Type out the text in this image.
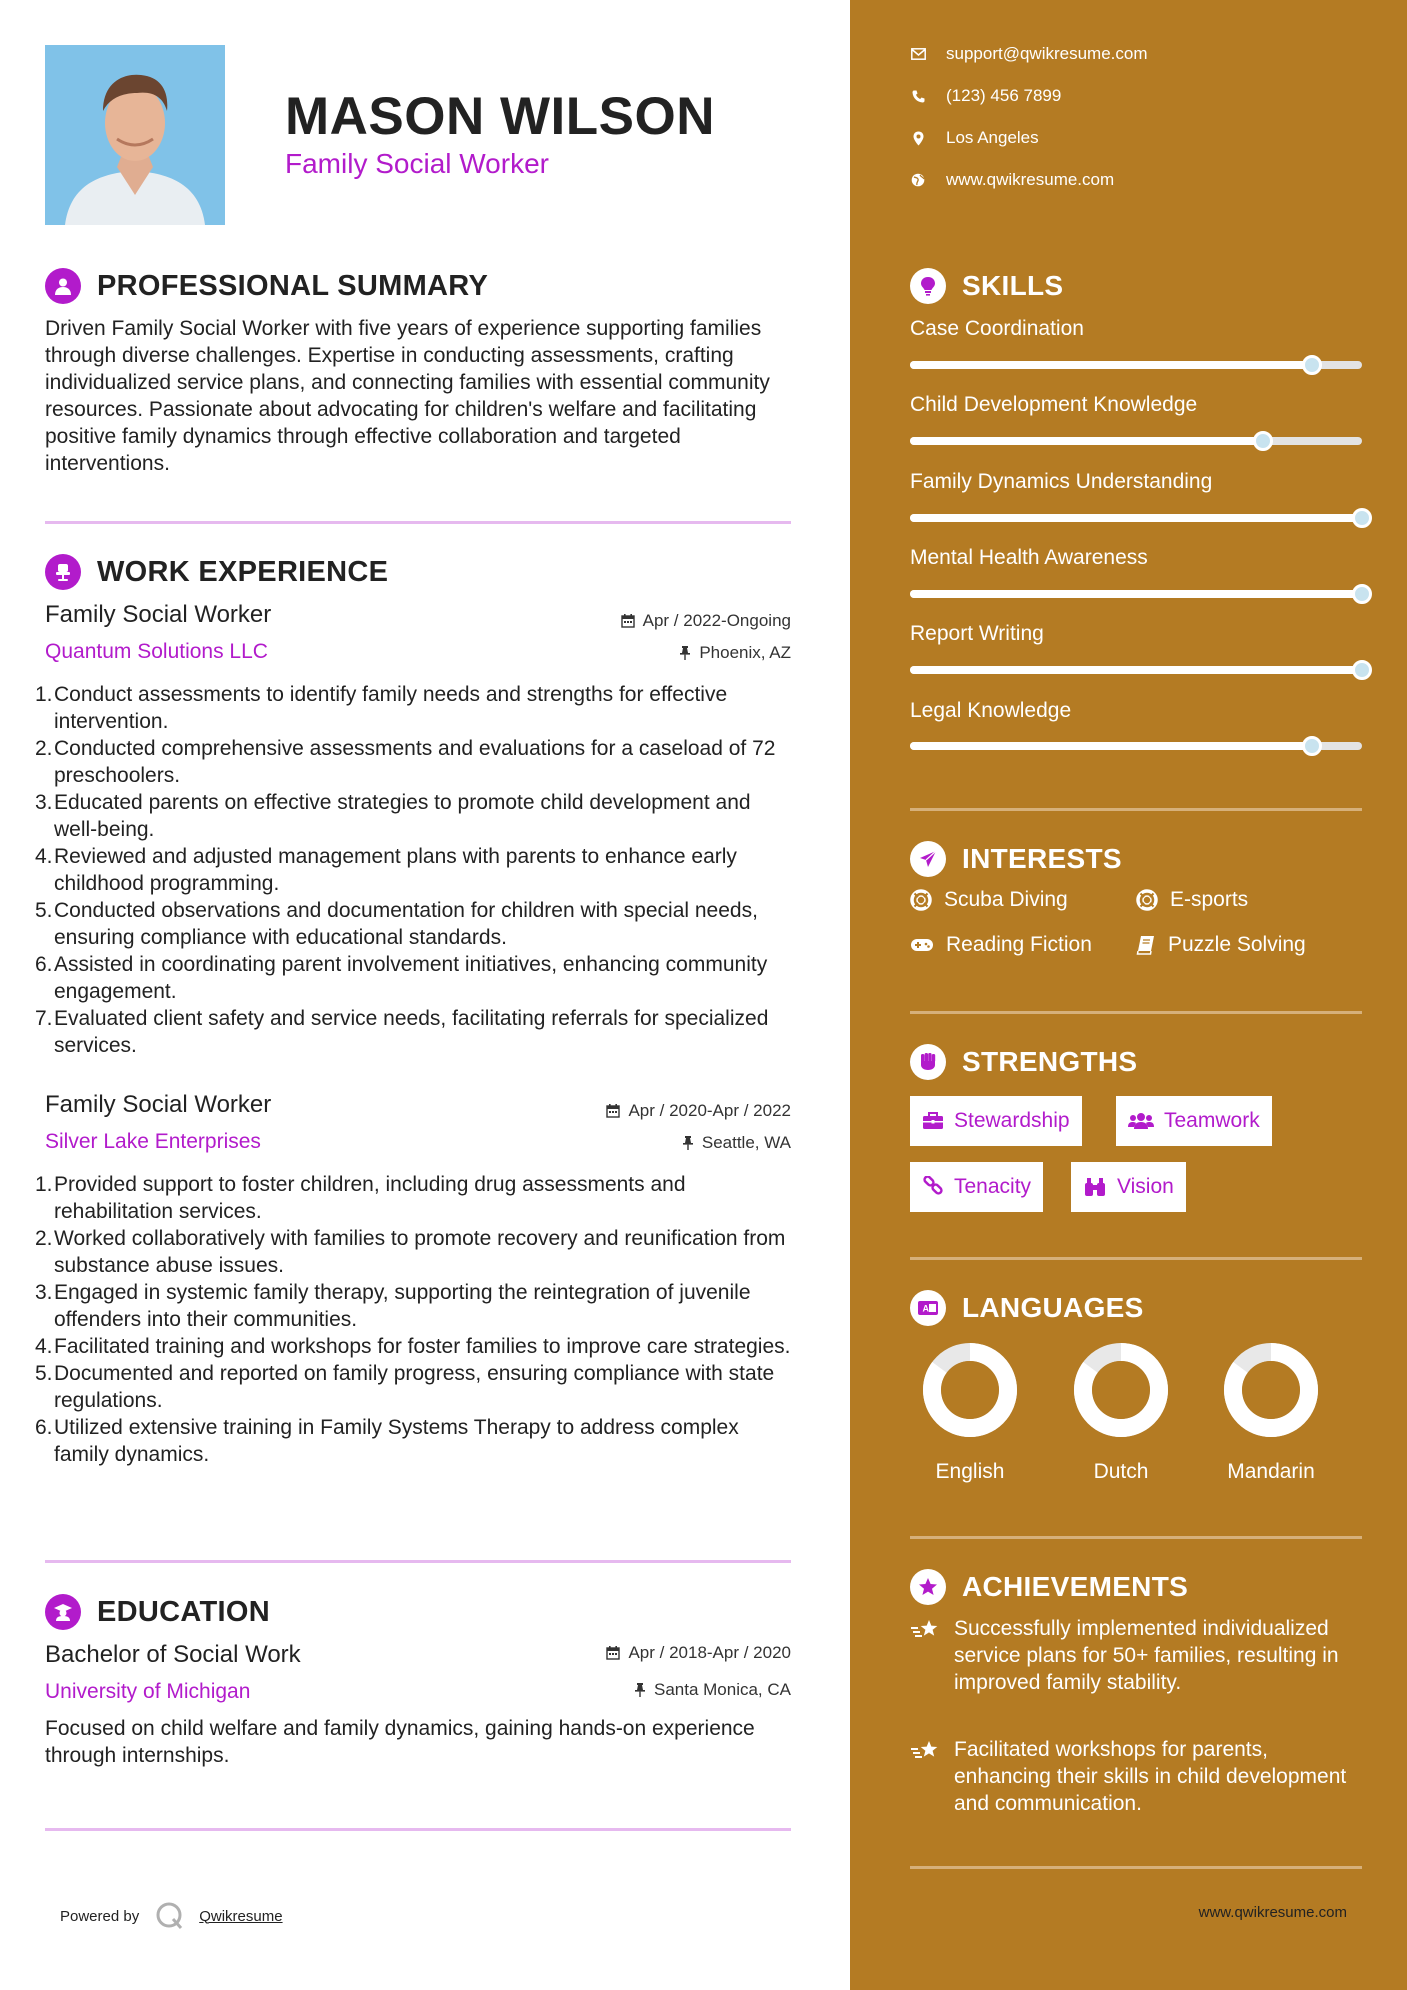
MASON WILSON
Family Social Worker
PROFESSIONAL SUMMARY
Driven Family Social Worker with five years of experience supporting families through diverse challenges. Expertise in conducting assessments, crafting individualized service plans, and connecting families with essential community resources. Passionate about advocating for children's welfare and facilitating positive family dynamics through effective collaboration and targeted interventions.
WORK EXPERIENCE
Family Social Worker	Apr / 2022-Ongoing
Quantum Solutions LLC	Phoenix, AZ
1. Conduct assessments to identify family needs and strengths for effective intervention.
2. Conducted comprehensive assessments and evaluations for a caseload of 72 preschoolers.
3. Educated parents on effective strategies to promote child development and well-being.
4. Reviewed and adjusted management plans with parents to enhance early childhood programming.
5. Conducted observations and documentation for children with special needs, ensuring compliance with educational standards.
6. Assisted in coordinating parent involvement initiatives, enhancing community engagement.
7. Evaluated client safety and service needs, facilitating referrals for specialized services.
Family Social Worker	Apr / 2020-Apr / 2022
Silver Lake Enterprises	Seattle, WA
1. Provided support to foster children, including drug assessments and rehabilitation services.
2. Worked collaboratively with families to promote recovery and reunification from substance abuse issues.
3. Engaged in systemic family therapy, supporting the reintegration of juvenile offenders into their communities.
4. Facilitated training and workshops for foster families to improve care strategies.
5. Documented and reported on family progress, ensuring compliance with state regulations.
6. Utilized extensive training in Family Systems Therapy to address complex family dynamics.
EDUCATION
Bachelor of Social Work	Apr / 2018-Apr / 2020
University of Michigan	Santa Monica, CA
Focused on child welfare and family dynamics, gaining hands-on experience through internships.
Powered by	Qwikresume
support@qwikresume.com
(123) 456 7899
Los Angeles
www.qwikresume.com
SKILLS
Case Coordination
Child Development Knowledge
Family Dynamics Understanding
Mental Health Awareness
Report Writing
Legal Knowledge
INTERESTS
Scuba Diving	E-sports
Reading Fiction	Puzzle Solving
STRENGTHS
Stewardship	Teamwork
Tenacity	Vision
A LANGUAGES
English	Dutch	Mandarin
ACHIEVEMENTS
Successfully implemented individualized service plans for 50+ families, resulting in improved family stability.
Facilitated workshops for parents, enhancing their skills in child development and communication.
www.qwikresume.com
